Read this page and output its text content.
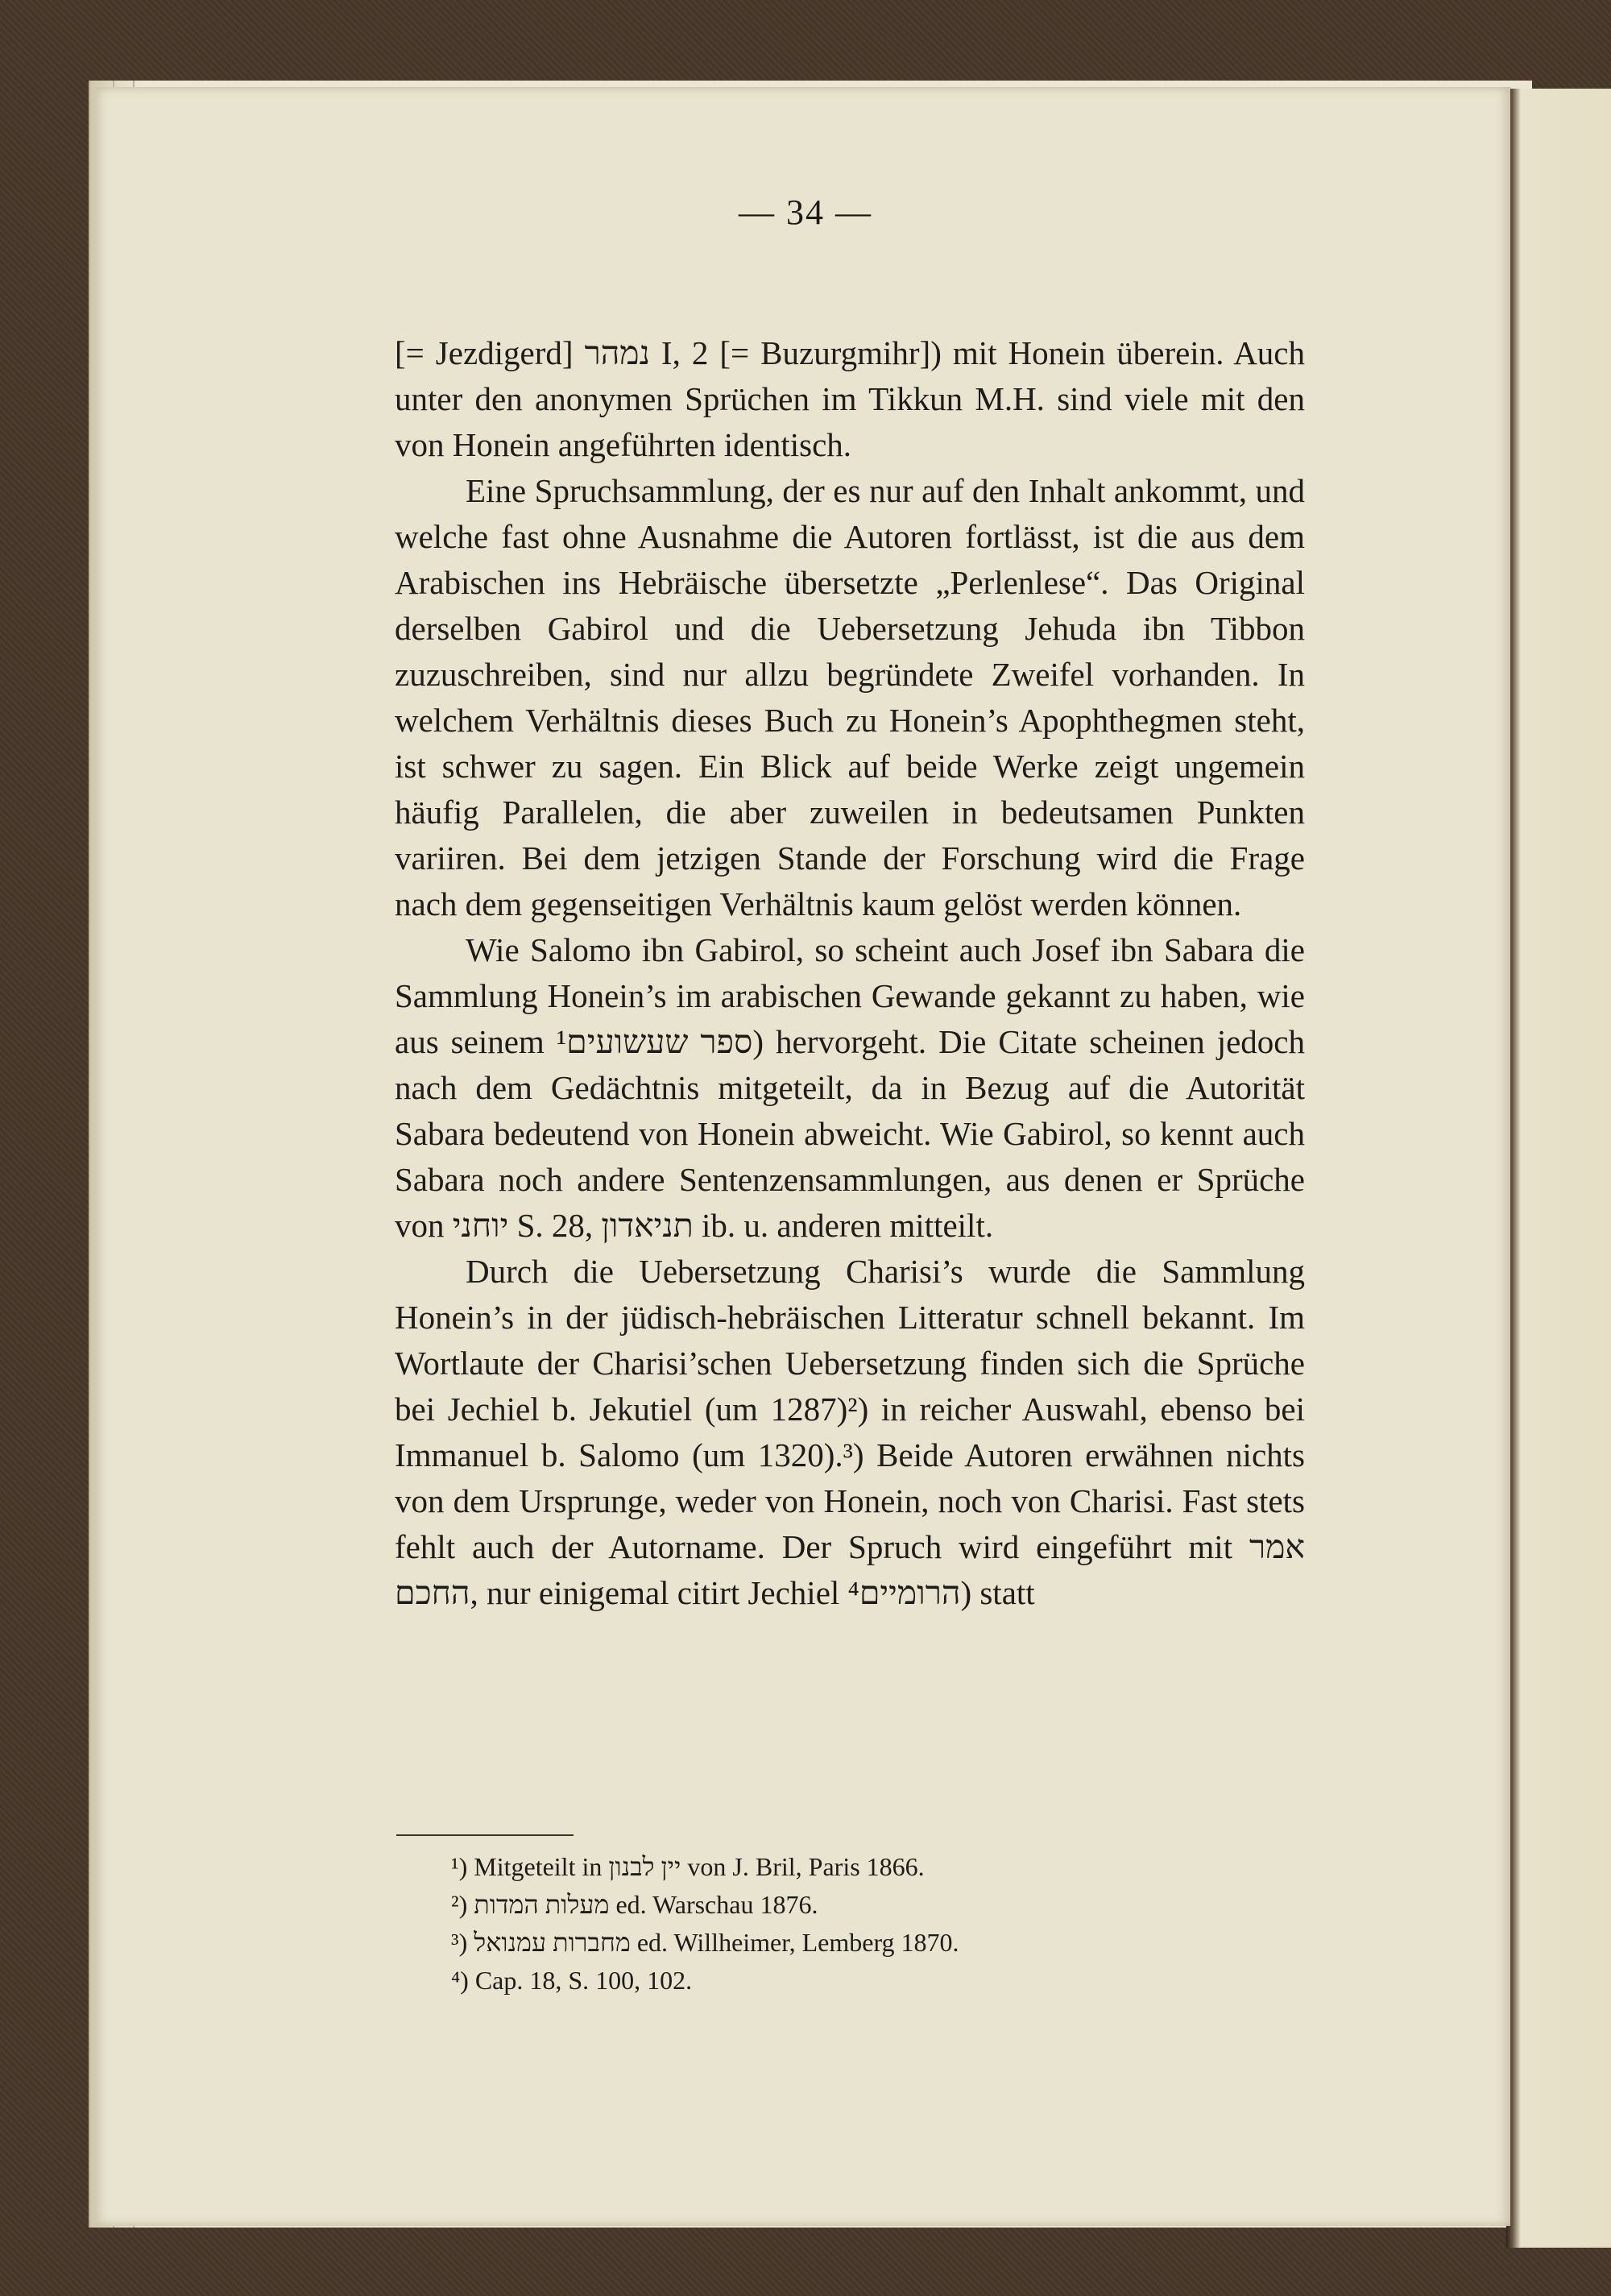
— 34 —

[= Jezdigerd] נמהר I, 2 [= Buzurgmihr]) mit Honein überein. Auch unter den anonymen Sprüchen im Tikkun M.H. sind viele mit den von Honein angeführten identisch.

Eine Spruchsammlung, der es nur auf den Inhalt ankommt, und welche fast ohne Ausnahme die Autoren fortlässt, ist die aus dem Arabischen ins Hebräische übersetzte „Perlenlese“. Das Original derselben Gabirol und die Uebersetzung Jehuda ibn Tibbon zuzuschreiben, sind nur allzu begründete Zweifel vorhanden. In welchem Verhältnis dieses Buch zu Honein’s Apophthegmen steht, ist schwer zu sagen. Ein Blick auf beide Werke zeigt ungemein häufig Parallelen, die aber zuweilen in bedeutsamen Punkten variiren. Bei dem jetzigen Stande der Forschung wird die Frage nach dem gegenseitigen Verhältnis kaum gelöst werden können.

Wie Salomo ibn Gabirol, so scheint auch Josef ibn Sabara die Sammlung Honein’s im arabischen Gewande gekannt zu haben, wie aus seinem ספר שעשועים¹) hervorgeht. Die Citate scheinen jedoch nach dem Gedächtnis mitgeteilt, da in Bezug auf die Autorität Sabara bedeutend von Honein abweicht. Wie Gabirol, so kennt auch Sabara noch andere Sentenzensammlungen, aus denen er Sprüche von יוחני S. 28, תניאדון ib. u. anderen mitteilt.

Durch die Uebersetzung Charisi’s wurde die Sammlung Honein’s in der jüdisch-hebräischen Litteratur schnell bekannt. Im Wortlaute der Charisi’schen Uebersetzung finden sich die Sprüche bei Jechiel b. Jekutiel (um 1287)²) in reicher Auswahl, ebenso bei Immanuel b. Salomo (um 1320).³) Beide Autoren erwähnen nichts von dem Ursprunge, weder von Honein, noch von Charisi. Fast stets fehlt auch der Autorname. Der Spruch wird eingeführt mit אמר החכם, nur einigemal citirt Jechiel הרומיים⁴) statt

¹) Mitgeteilt in יין לבנון von J. Bril, Paris 1866.
²) מעלות המדות ed. Warschau 1876.
³) מחברות עמנואל ed. Willheimer, Lemberg 1870.
⁴) Cap. 18, S. 100, 102.
